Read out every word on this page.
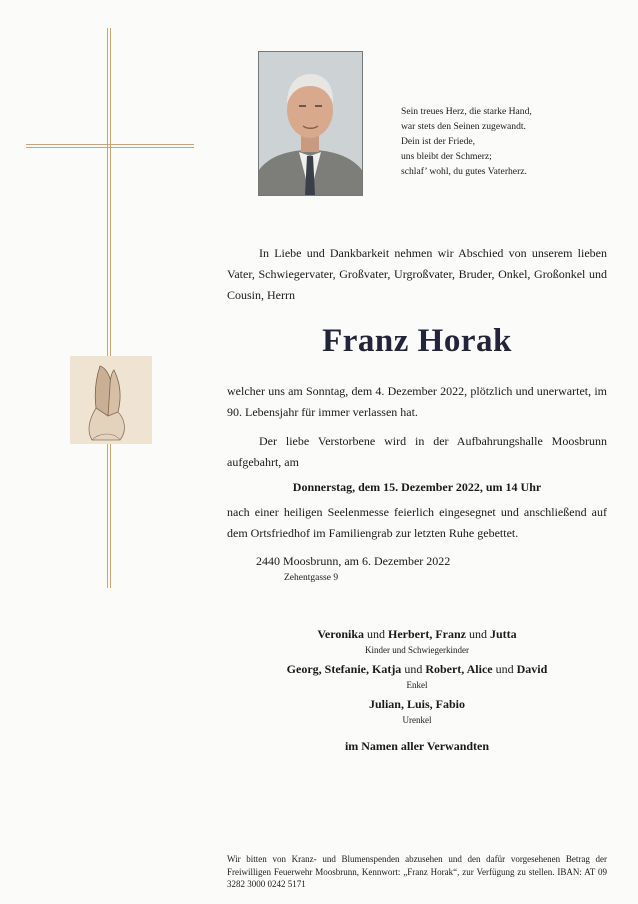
Sein treues Herz, die starke Hand,
war stets den Seinen zugewandt.
Dein ist der Friede,
uns bleibt der Schmerz;
schlaf’ wohl, du gutes Vaterherz.
In Liebe und Dankbarkeit nehmen wir Abschied von unserem lieben Vater, Schwiegervater, Großvater, Urgroßvater, Bruder, Onkel, Großonkel und Cousin, Herrn
Franz Horak
welcher uns am Sonntag, dem 4. Dezember 2022, plötzlich und unerwartet, im 90. Lebensjahr für immer verlassen hat.
Der liebe Verstorbene wird in der Aufbahrungshalle Moosbrunn aufgebahrt, am
Donnerstag, dem 15. Dezember 2022, um 14 Uhr
nach einer heiligen Seelenmesse feierlich eingesegnet und anschließend auf dem Ortsfriedhof im Familiengrab zur letzten Ruhe gebettet.
2440 Moosbrunn, am 6. Dezember 2022
Zehentgasse 9
Veronika und Herbert, Franz und Jutta
Kinder und Schwiegerkinder
Georg, Stefanie, Katja und Robert, Alice und David
Enkel
Julian, Luis, Fabio
Urenkel
im Namen aller Verwandten
Wir bitten von Kranz- und Blumenspenden abzusehen und den dafür vorgesehenen Betrag der Freiwilligen Feuerwehr Moosbrunn, Kennwort: „Franz Horak“, zur Verfügung zu stellen. IBAN: AT 09 3282 3000 0242 5171
